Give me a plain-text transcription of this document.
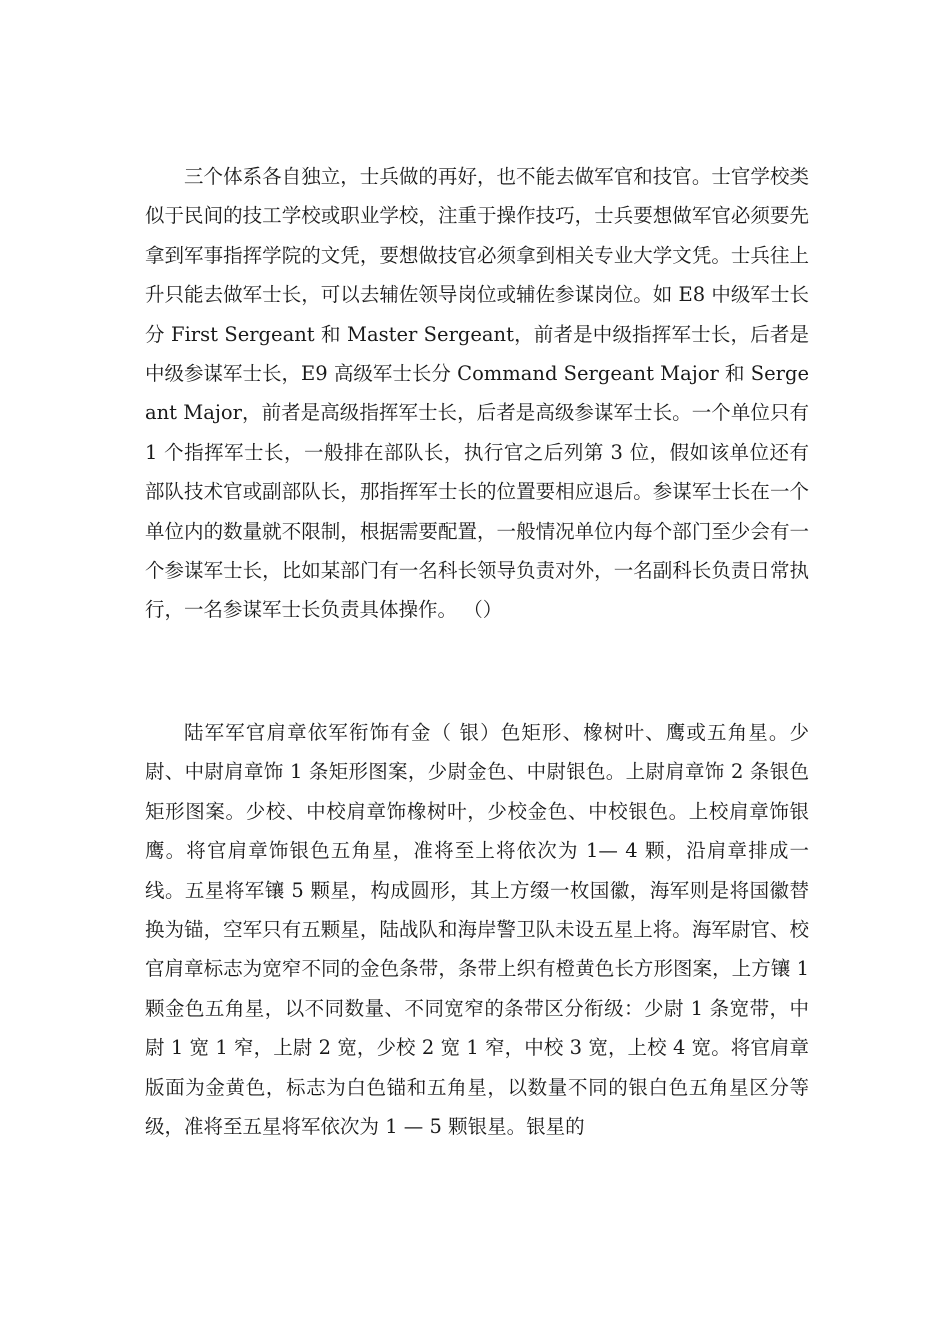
三个体系各自独立，士兵做的再好，也不能去做军官和技官。士官学校类似于民间的技工学校或职业学校，注重于操作技巧，士兵要想做军官必须要先拿到军事指挥学院的文凭，要想做技官必须拿到相关专业大学文凭。士兵往上升只能去做军士长，可以去辅佐领导岗位或辅佐参谋岗位。如 E8 中级军士长分 First Sergeant 和 Master Sergeant，前者是中级指挥军士长，后者是中级参谋军士长，E9 高级军士长分 Command Sergeant Major 和 Sergeant Major，前者是高级指挥军士长，后者是高级参谋军士长。一个单位只有 1 个指挥军士长，一般排在部队长，执行官之后列第 3 位，假如该单位还有部队技术官或副部队长，那指挥军士长的位置要相应退后。参谋军士长在一个单位内的数量就不限制，根据需要配置，一般情况单位内每个部门至少会有一个参谋军士长，比如某部门有一名科长领导负责对外，一名副科长负责日常执行，一名参谋军士长负责具体操作。 （）

陆军军官肩章依军衔饰有金（ 银）色矩形、橡树叶、鹰或五角星。少尉、中尉肩章饰 1 条矩形图案，少尉金色、中尉银色。上尉肩章饰 2 条银色矩形图案。少校、中校肩章饰橡树叶，少校金色、中校银色。上校肩章饰银鹰。将官肩章饰银色五角星，准将至上将依次为 1— 4 颗，沿肩章排成一线。五星将军镶 5 颗星，构成圆形，其上方缀一枚国徽，海军则是将国徽替换为锚，空军只有五颗星，陆战队和海岸警卫队未设五星上将。海军尉官、校官肩章标志为宽窄不同的金色条带，条带上织有橙黄色长方形图案，上方镶 1 颗金色五角星，以不同数量、不同宽窄的条带区分衔级：少尉 1 条宽带，中尉 1 宽 1 窄，上尉 2 宽，少校 2 宽 1 窄，中校 3 宽，上校 4 宽。将官肩章版面为金黄色，标志为白色锚和五角星，以数量不同的银白色五角星区分等级，准将至五星将军依次为 1 — 5 颗银星。银星的
